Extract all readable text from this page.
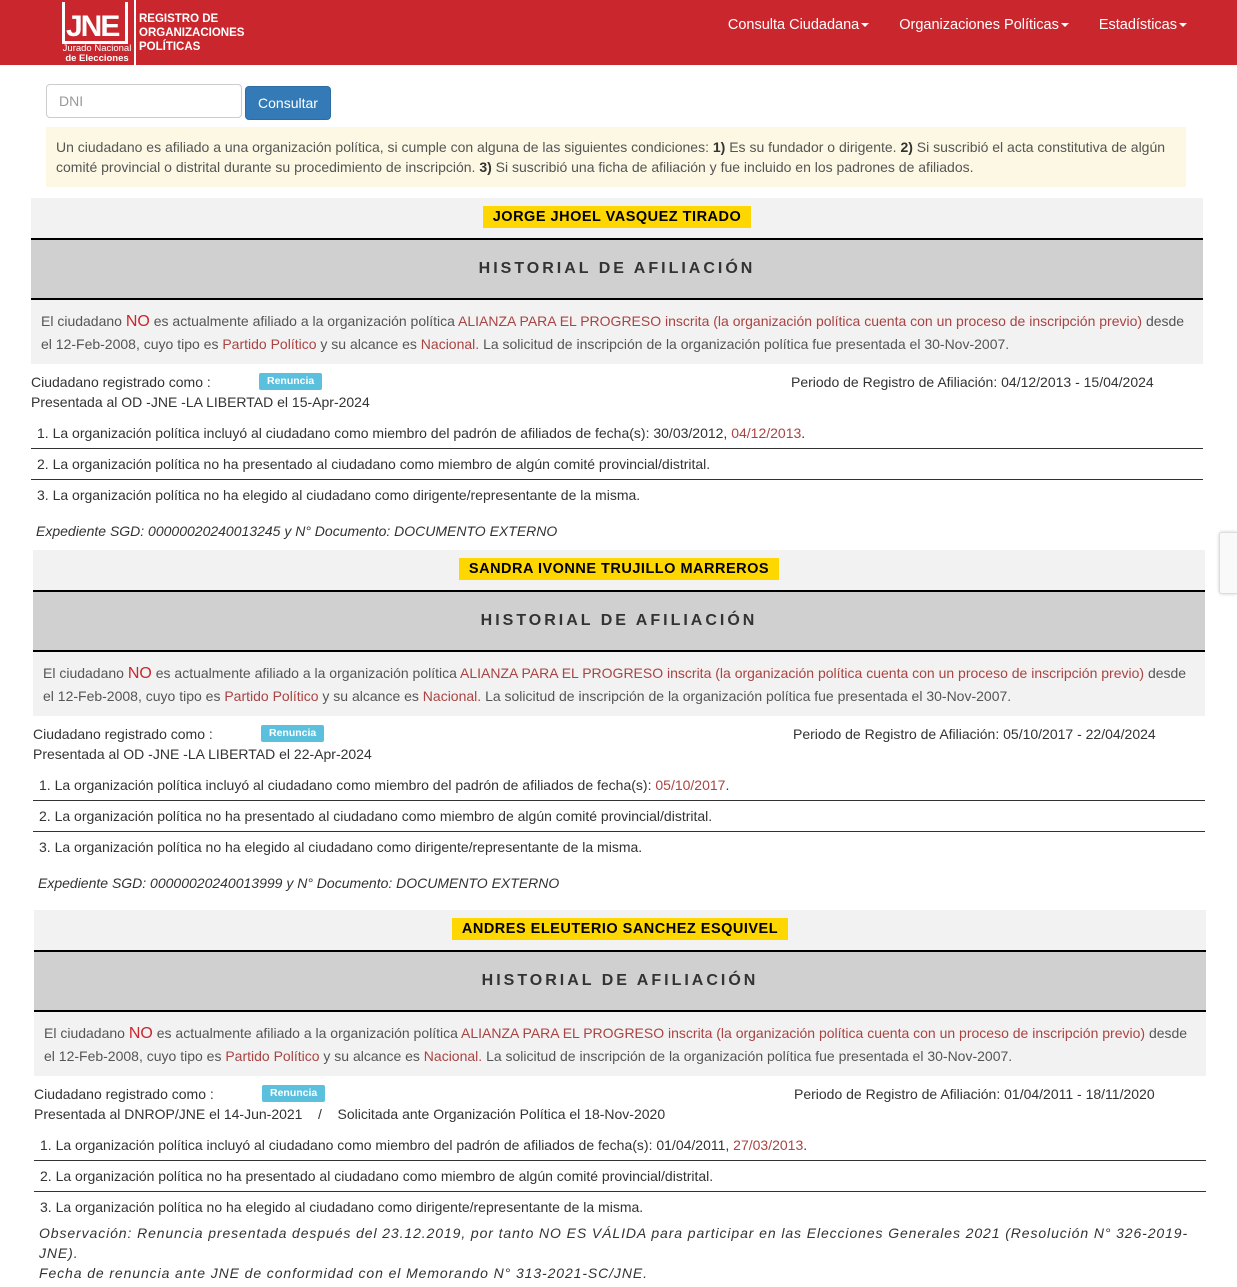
JNE
Jurado Nacional
de Elecciones
REGISTRO DE ORGANIZACIONES POLÍTICAS
Consulta Ciudadana	Organizaciones Políticas	Estadísticas
DNI
Consultar
Un ciudadano es afiliado a una organización política, si cumple con alguna de las siguientes condiciones: 1) Es su fundador o dirigente. 2) Si suscribió el acta constitutiva de algún comité provincial o distrital durante su procedimiento de inscripción. 3) Si suscribió una ficha de afiliación y fue incluido en los padrones de afiliados.
JORGE JHOEL VASQUEZ TIRADO
HISTORIAL DE AFILIACIÓN
El ciudadano NO es actualmente afiliado a la organización política ALIANZA PARA EL PROGRESO inscrita (la organización política cuenta con un proceso de inscripción previo) desde el 12-Feb-2008, cuyo tipo es Partido Político y su alcance es Nacional. La solicitud de inscripción de la organización política fue presentada el 30-Nov-2007.
Ciudadano registrado como :	Renuncia	Periodo de Registro de Afiliación: 04/12/2013 - 15/04/2024
Presentada al OD -JNE -LA LIBERTAD el 15-Apr-2024
1. La organización política incluyó al ciudadano como miembro del padrón de afiliados de fecha(s): 30/03/2012, 04/12/2013.
2. La organización política no ha presentado al ciudadano como miembro de algún comité provincial/distrital.
3. La organización política no ha elegido al ciudadano como dirigente/representante de la misma.
Expediente SGD: 00000020240013245 y N° Documento: DOCUMENTO EXTERNO
SANDRA IVONNE TRUJILLO MARREROS
HISTORIAL DE AFILIACIÓN
El ciudadano NO es actualmente afiliado a la organización política ALIANZA PARA EL PROGRESO inscrita (la organización política cuenta con un proceso de inscripción previo) desde el 12-Feb-2008, cuyo tipo es Partido Político y su alcance es Nacional. La solicitud de inscripción de la organización política fue presentada el 30-Nov-2007.
Ciudadano registrado como :	Renuncia	Periodo de Registro de Afiliación: 05/10/2017 - 22/04/2024
Presentada al OD -JNE -LA LIBERTAD el 22-Apr-2024
1. La organización política incluyó al ciudadano como miembro del padrón de afiliados de fecha(s): 05/10/2017.
2. La organización política no ha presentado al ciudadano como miembro de algún comité provincial/distrital.
3. La organización política no ha elegido al ciudadano como dirigente/representante de la misma.
Expediente SGD: 00000020240013999 y N° Documento: DOCUMENTO EXTERNO
ANDRES ELEUTERIO SANCHEZ ESQUIVEL
HISTORIAL DE AFILIACIÓN
El ciudadano NO es actualmente afiliado a la organización política ALIANZA PARA EL PROGRESO inscrita (la organización política cuenta con un proceso de inscripción previo) desde el 12-Feb-2008, cuyo tipo es Partido Político y su alcance es Nacional. La solicitud de inscripción de la organización política fue presentada el 30-Nov-2007.
Ciudadano registrado como :	Renuncia	Periodo de Registro de Afiliación: 01/04/2011 - 18/11/2020
Presentada al DNROP/JNE el 14-Jun-2021    /    Solicitada ante Organización Política el 18-Nov-2020
1. La organización política incluyó al ciudadano como miembro del padrón de afiliados de fecha(s): 01/04/2011, 27/03/2013.
2. La organización política no ha presentado al ciudadano como miembro de algún comité provincial/distrital.
3. La organización política no ha elegido al ciudadano como dirigente/representante de la misma.
Observación: Renuncia presentada después del 23.12.2019, por tanto NO ES VÁLIDA para participar en las Elecciones Generales 2021 (Resolución N° 326-2019-JNE).
Fecha de renuncia ante JNE de conformidad con el Memorando N° 313-2021-SC/JNE.
